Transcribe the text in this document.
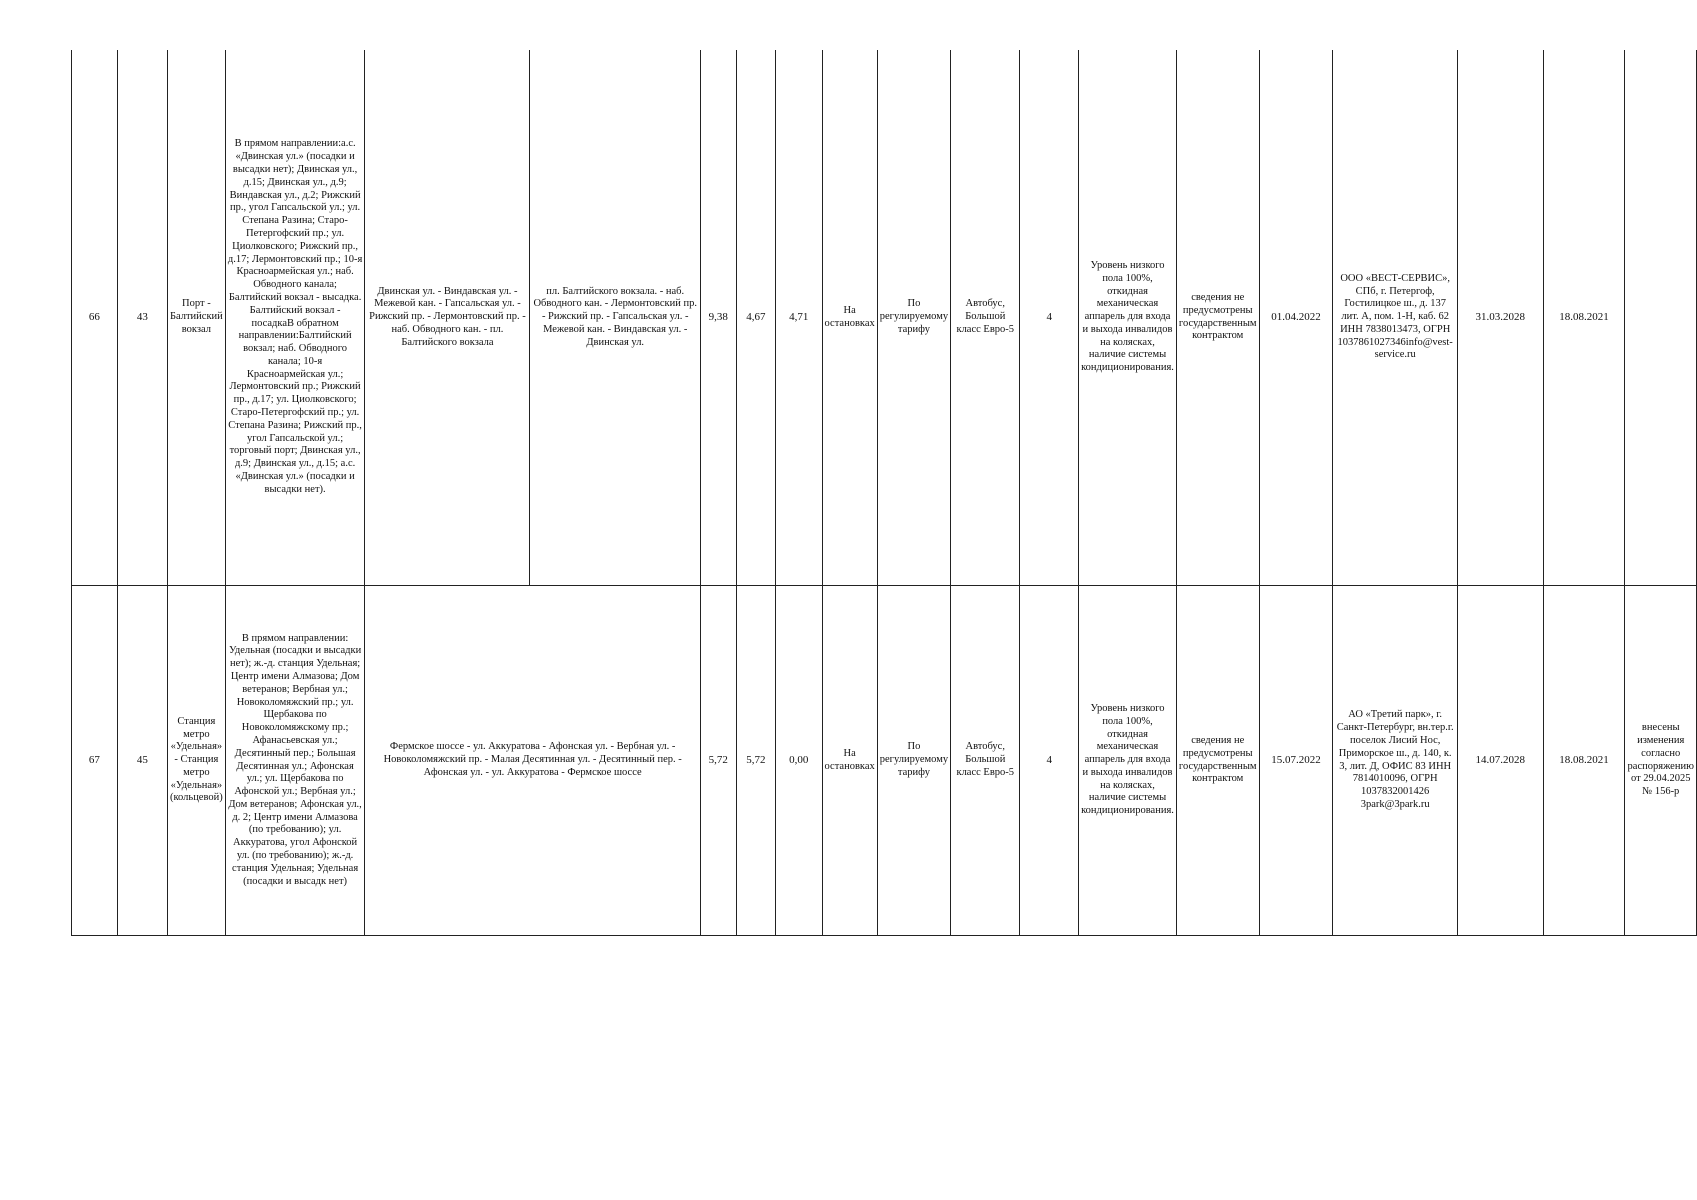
66	43	Порт - Балтийский вокзал	В прямом направлении:а.с. «Двинская ул.» (посадки и высадки нет); Двинская ул., д.15; Двинская ул., д.9; Виндавская ул., д.2; Рижский пр., угол Гапсальской ул.; ул. Степана Разина; Старо-Петергофский пр.; ул. Циолковского; Рижский пр., д.17; Лермонтовский пр.; 10-я Красноармейская ул.; наб. Обводного канала; Балтийский вокзал - высадка. Балтийский вокзал - посадкаВ обратном направлении:Балтийский вокзал; наб. Обводного канала; 10-я Красноармейская ул.; Лермонтовский пр.; Рижский пр., д.17; ул. Циолковского; Старо-Петергофский пр.; ул. Степана Разина; Рижский пр., угол Гапсальской ул.; торговый порт; Двинская ул., д.9; Двинская ул., д.15; а.с. «Двинская ул.» (посадки и высадки нет).	Двинская ул. - Виндавская ул. - Межевой кан. - Гапсальская ул. - Рижский пр. - Лермонтовский пр. - наб. Обводного кан. - пл. Балтийского вокзала	пл. Балтийского вокзала. - наб. Обводного кан. - Лермонтовский пр. - Рижский пр. - Гапсальская ул. - Межевой кан. - Виндавская ул. - Двинская ул.	9,38	4,67	4,71	На остановках	По регулируемому тарифу	Автобус, Большой класс Евро-5	4	Уровень низкого пола 100%, откидная механическая аппарель для входа и выхода инвалидов на колясках, наличие системы кондиционирования.	сведения не предусмотрены государственным контрактом	01.04.2022	ООО «ВЕСТ-СЕРВИС», СПб, г. Петергоф, Гостилицкое ш., д. 137 лит. А, пом. 1-Н, каб. 62 ИНН 7838013473, ОГРН 1037861027346info@vest-service.ru	31.03.2028	18.08.2021	
67	45	Станция метро «Удельная» - Станция метро «Удельная» (кольцевой)	В прямом направлении: Удельная (посадки и высадки нет); ж.-д. станция Удельная; Центр имени Алмазова; Дом ветеранов; Вербная ул.; Новоколомяжский пр.; ул. Щербакова по Новоколомяжскому пр.; Афанасьевская ул.; Десятинный пер.; Большая Десятинная ул.; Афонская ул.; ул. Щербакова по Афонской ул.; Вербная ул.; Дом ветеранов; Афонская ул., д. 2; Центр имени Алмазова (по требованию); ул. Аккуратова, угол Афонской ул. (по требованию); ж.-д. станция Удельная; Удельная (посадки и высадк нет)	Фермское шоссе - ул. Аккуратова - Афонская ул. - Вербная ул. - Новоколомяжский пр. - Малая Десятинная ул. - Десятинный пер. - Афонская ул. - ул. Аккуратова - Фермское шоссе		5,72	5,72	0,00	На остановках	По регулируемому тарифу	Автобус, Большой класс Евро-5	4	Уровень низкого пола 100%, откидная механическая аппарель для входа и выхода инвалидов на колясках, наличие системы кондиционирования.	сведения не предусмотрены государственным контрактом	15.07.2022	АО «Третий парк», г. Санкт-Петербург, вн.тер.г. поселок Лисий Нос, Приморское ш., д. 140, к. 3, лит. Д, ОФИС 83 ИНН 7814010096, ОГРН 1037832001426 3park@3park.ru	14.07.2028	18.08.2021	внесены изменения согласно распоряжению от 29.04.2025 № 156-р
